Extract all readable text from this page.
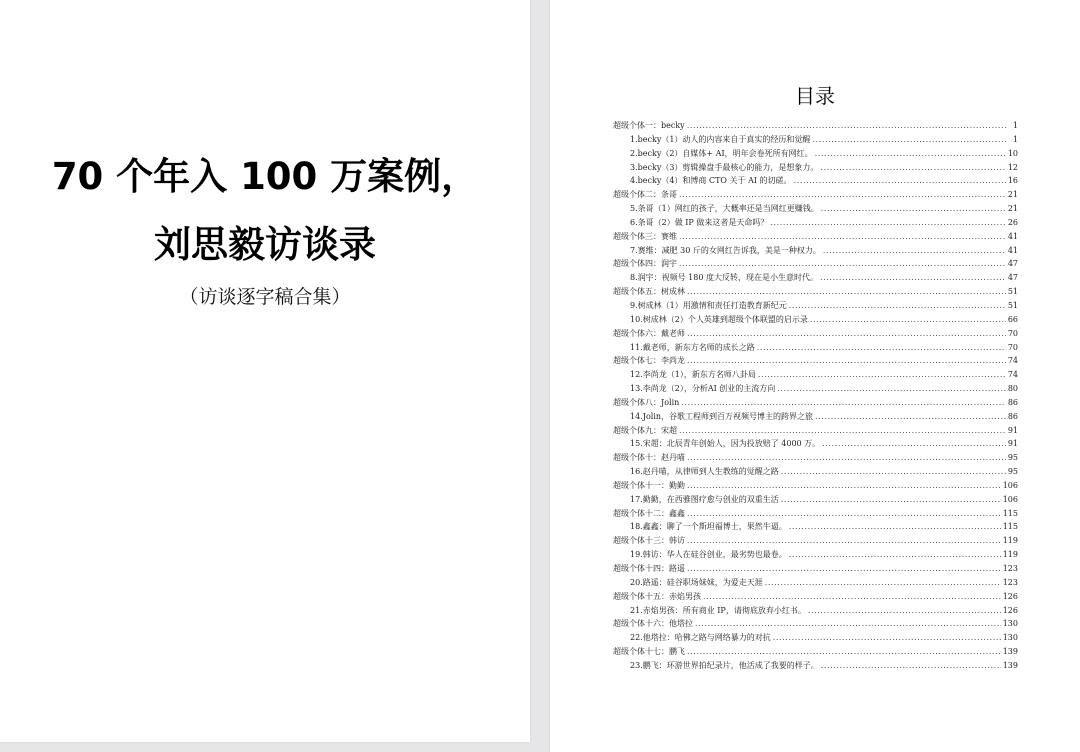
70 个年入 100 万案例，
刘思毅访谈录
（访谈逐字稿合集）
目录
超级个体一：becky .....	1
1. becky（1）动人的内容来自于真实的经历和觉醒 .....	1
2. becky（2）自媒体+ AI，明年会卷死所有网红。 .....	10
3. becky（3）剪辑操盘手最核心的能力，是想象力。 .....	12
4. becky（4）和博商 CTO 关于 AI 的切磋。 .....	16
超级个体二：条哥 .....	21
5. 条哥（1）网红的孩子，大概率还是当网红更赚钱。 .....	21
6. 条哥（2）做 IP 做来这者是天命吗？ .....	26
超级个体三：赛维 .....	41
7. 赛维：减肥 30 斤的女网红告诉我，美是一种权力。 .....	41
超级个体四：润宇 .....	47
8. 润宇：视频号 180 度大反转，现在是小生意时代。 .....	47
超级个体五：树成林 .....	51
9. 树成林（1）用激情和责任打造教育新纪元 .....	51
10. 树成林（2）个人英雄到超级个体联盟的启示录 .....	66
超级个体六：戴老师 .....	70
11. 戴老师，新东方名师的成长之路 .....	70
超级个体七：李尚龙 .....	74
12. 李尚龙（1），新东方名师八卦局 .....	74
13. 李尚龙（2），分析AI 创业的主流方向 .....	80
超级个体八：Jolin .....	86
14. Jolin，谷歌工程师到百万视频号博主的跨界之旅 .....	86
超级个体九：宋超 .....	91
15. 宋超：北辰青年创始人，因为投放赔了 4000 万。 .....	91
超级个体十：赵丹喵 .....	95
16. 赵丹喵，从律师到人生教练的觉醒之路 .....	95
超级个体十一：勤勤 .....	106
17. 勤勤，在西雅图疗愈与创业的双重生活 .....	106
超级个体十二：鑫鑫 .....	115
18. 鑫鑫：聊了一个斯坦福博士，果然牛逼。 .....	115
超级个体十三：韩访 .....	119
19. 韩访：华人在硅谷创业，最劣势也最卷。 .....	119
超级个体十四：路遥 .....	123
20. 路遥：硅谷职场妹妹，为爱走天涯 .....	123
超级个体十五：赤焰男孩 .....	126
21. 赤焰男孩：所有商业 IP，请彻底放弃小红书。 .....	126
超级个体十六：他塔拉 .....	130
22. 他塔拉：哈佛之路与网络暴力的对抗 .....	130
超级个体十七：鹏飞 .....	139
23. 鹏飞：环游世界拍纪录片，他活成了我要的样子。 .....	139
